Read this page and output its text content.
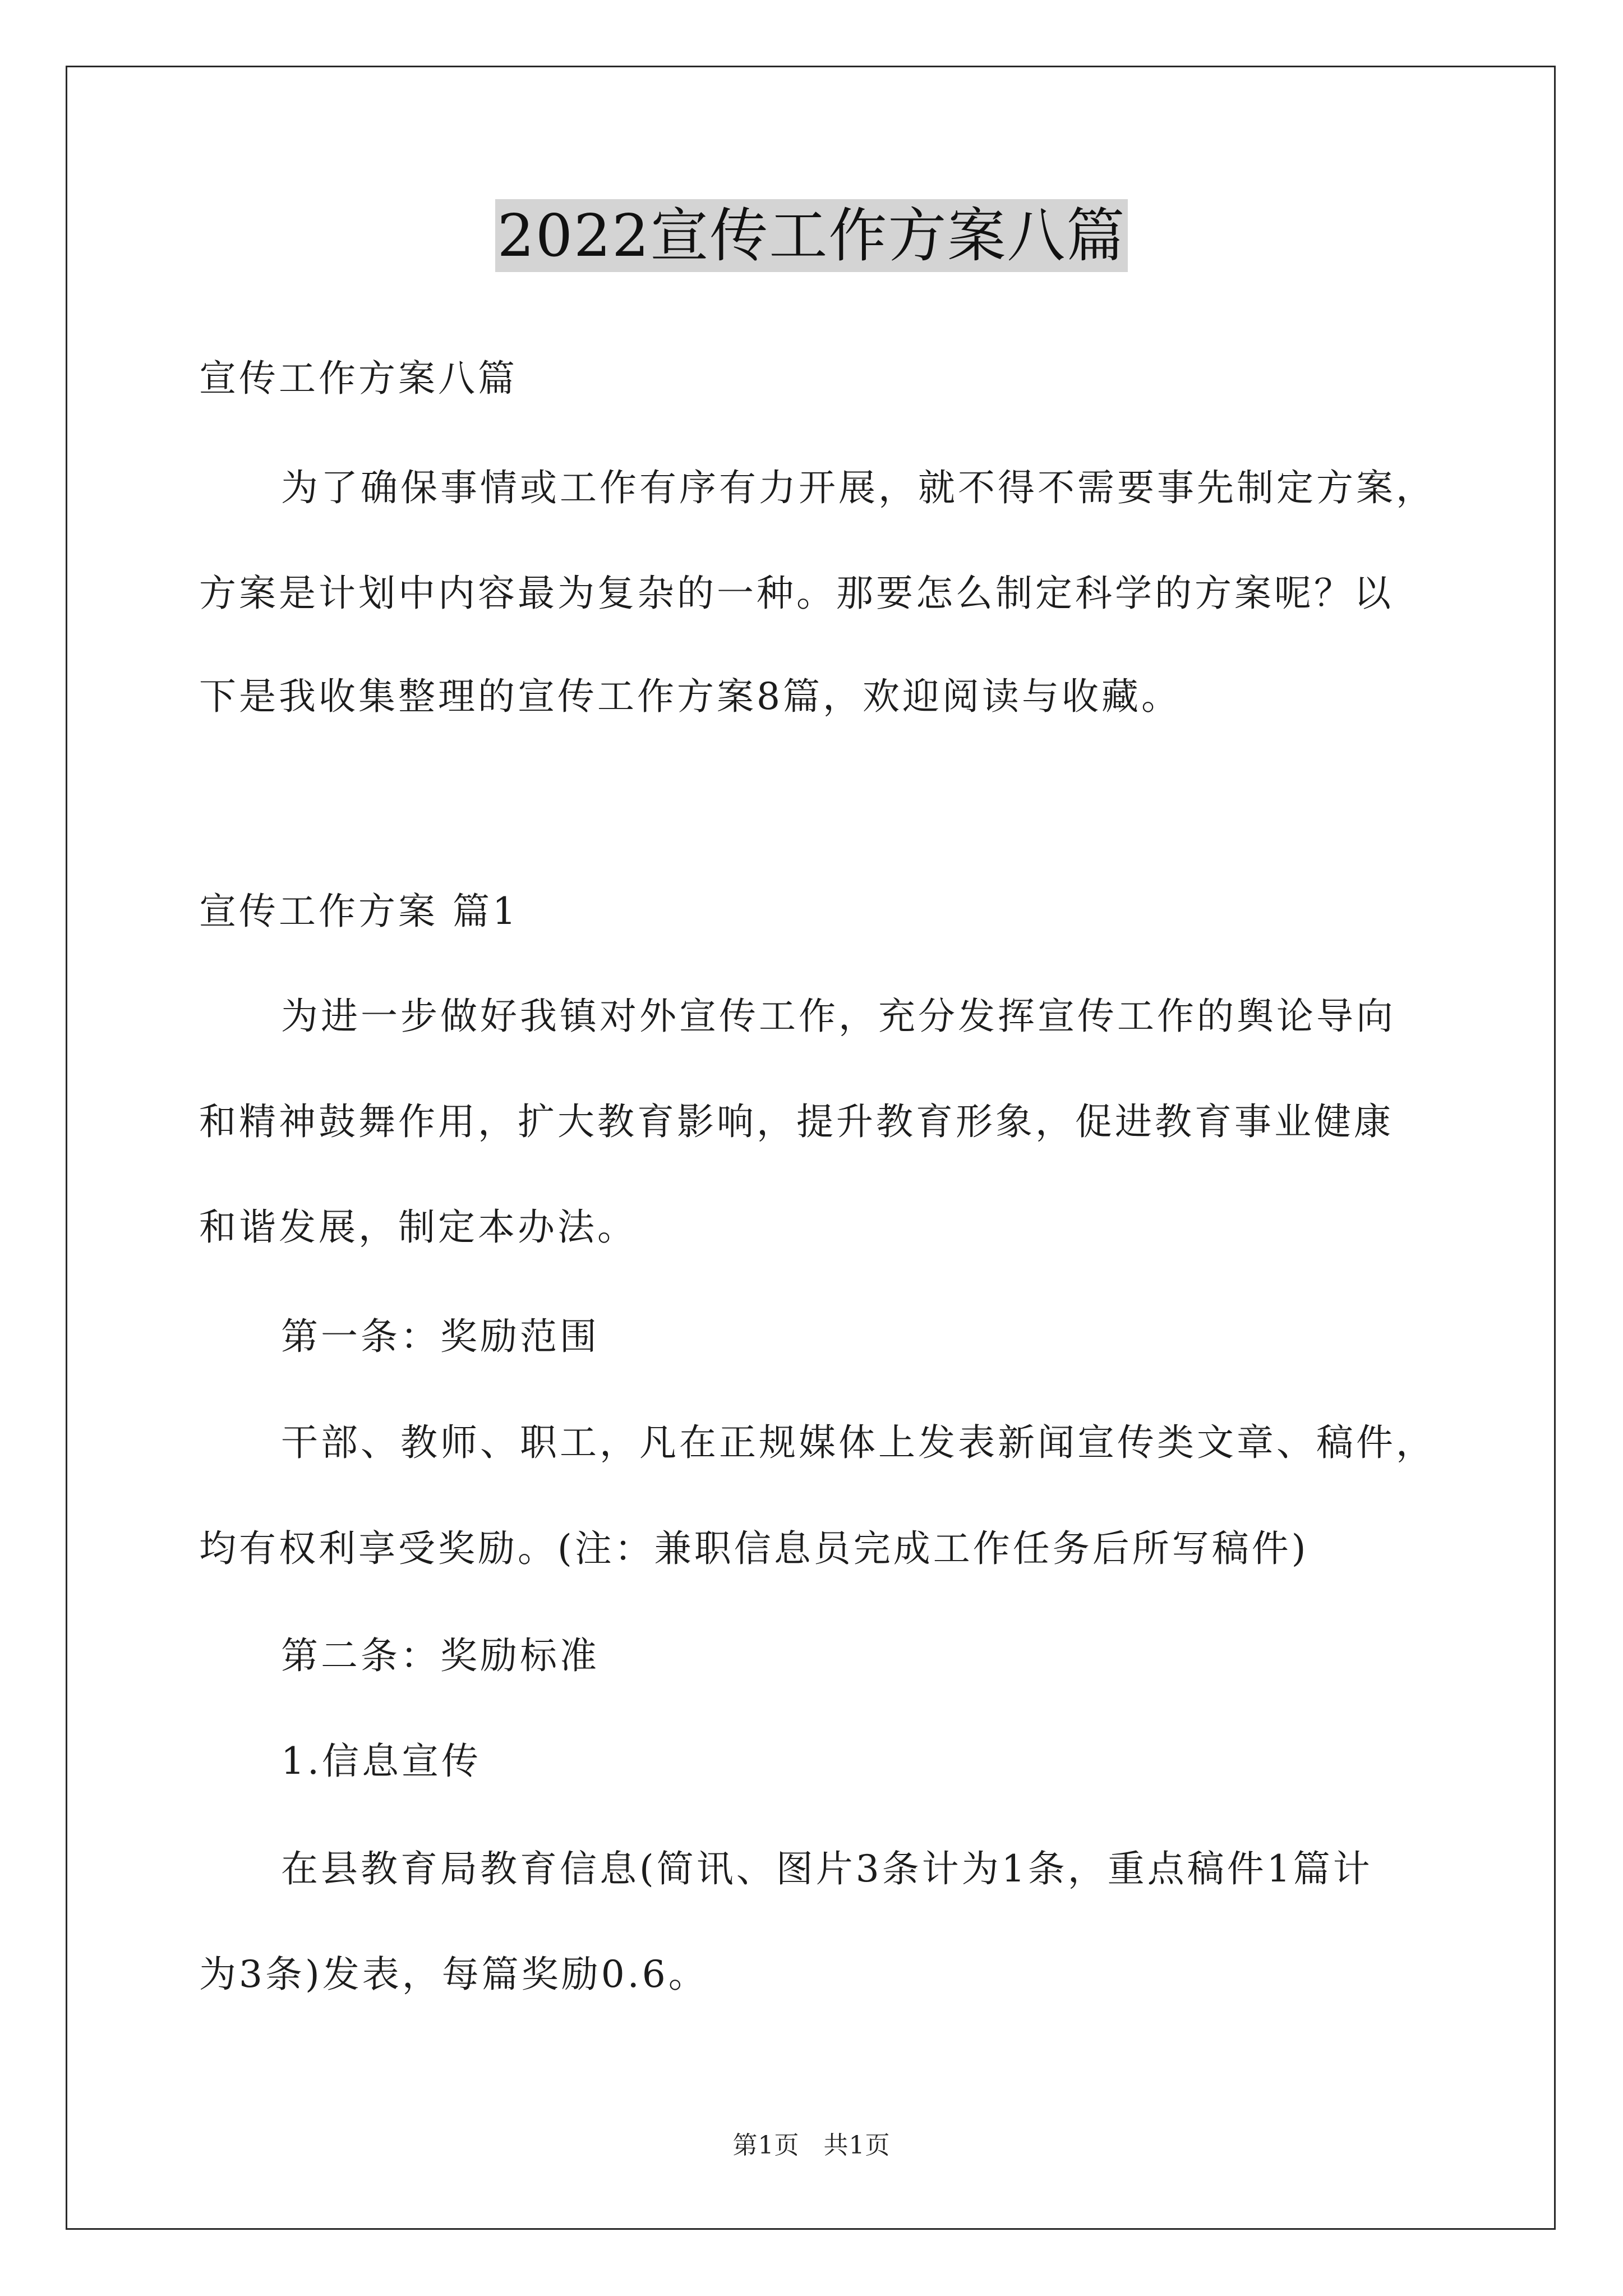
2022宣传工作方案八篇
宣传工作方案八篇
为了确保事情或工作有序有力开展，就不得不需要事先制定方案，
方案是计划中内容最为复杂的一种。那要怎么制定科学的方案呢？以
下是我收集整理的宣传工作方案8篇，欢迎阅读与收藏。
宣传工作方案 篇1
为进一步做好我镇对外宣传工作，充分发挥宣传工作的舆论导向
和精神鼓舞作用，扩大教育影响，提升教育形象，促进教育事业健康
和谐发展，制定本办法。
第一条：奖励范围
干部、教师、职工，凡在正规媒体上发表新闻宣传类文章、稿件，
均有权利享受奖励。(注：兼职信息员完成工作任务后所写稿件)
第二条：奖励标准
1.信息宣传
在县教育局教育信息(简讯、图片3条计为1条，重点稿件1篇计
为3条)发表，每篇奖励0.6。
第1页 共1页
